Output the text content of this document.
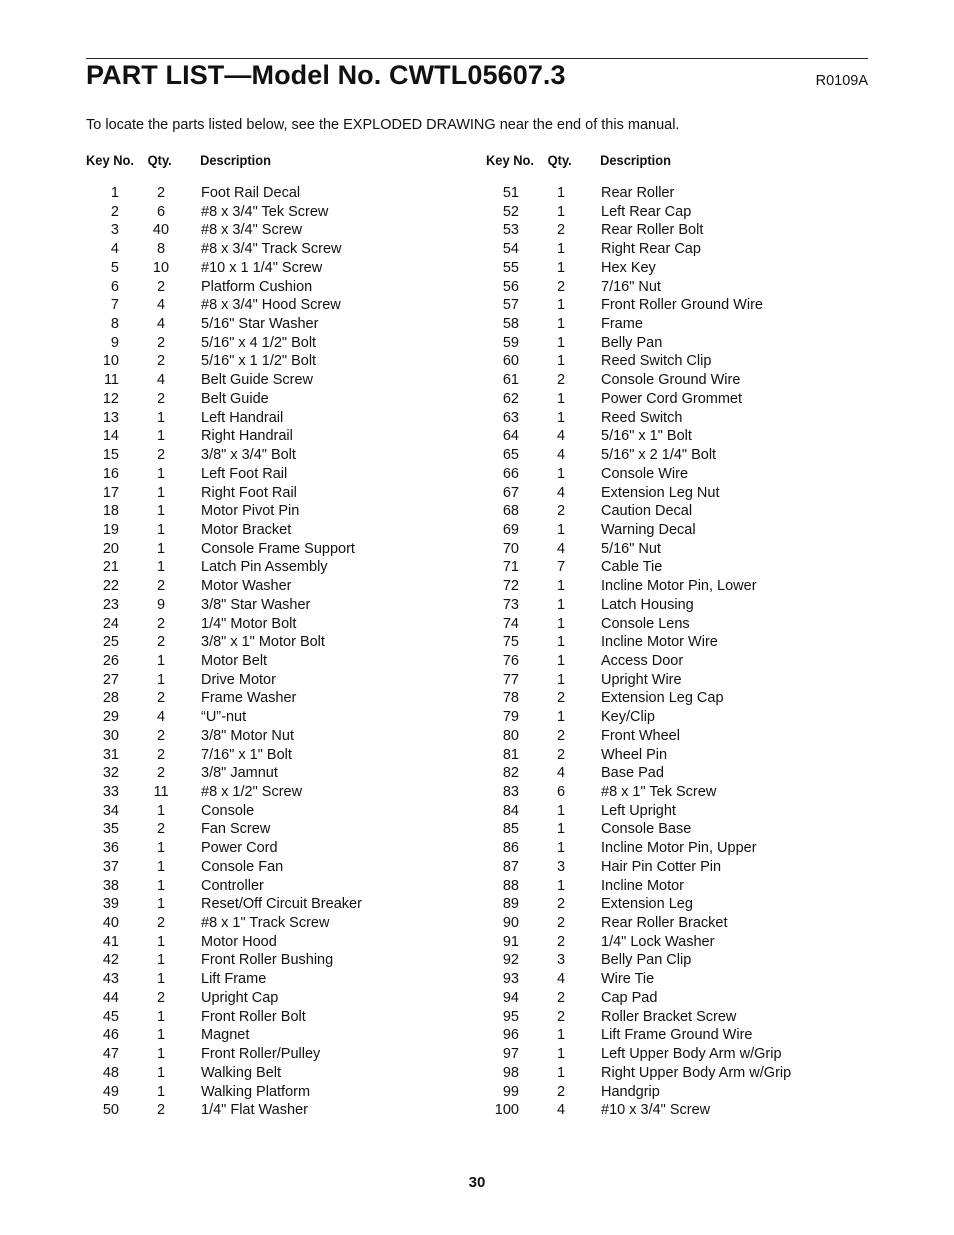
PART LIST—Model No. CWTL05607.3	R0109A
To locate the parts listed below, see the EXPLODED DRAWING near the end of this manual.
Key No. Qty. Description
1	2	Foot Rail Decal
2	6	#8 x 3/4" Tek Screw
3	40	#8 x 3/4" Screw
4	8	#8 x 3/4" Track Screw
5	10	#10 x 1 1/4" Screw
6	2	Platform Cushion
7	4	#8 x 3/4" Hood Screw
8	4	5/16" Star Washer
9	2	5/16" x 4 1/2" Bolt
10	2	5/16" x 1 1/2" Bolt
11	4	Belt Guide Screw
12	2	Belt Guide
13	1	Left Handrail
14	1	Right Handrail
15	2	3/8" x 3/4" Bolt
16	1	Left Foot Rail
17	1	Right Foot Rail
18	1	Motor Pivot Pin
19	1	Motor Bracket
20	1	Console Frame Support
21	1	Latch Pin Assembly
22	2	Motor Washer
23	9	3/8" Star Washer
24	2	1/4" Motor Bolt
25	2	3/8" x 1" Motor Bolt
26	1	Motor Belt
27	1	Drive Motor
28	2	Frame Washer
29	4	“U”-nut
30	2	3/8" Motor Nut
31	2	7/16" x 1" Bolt
32	2	3/8" Jamnut
33	11	#8 x 1/2" Screw
34	1	Console
35	2	Fan Screw
36	1	Power Cord
37	1	Console Fan
38	1	Controller
39	1	Reset/Off Circuit Breaker
40	2	#8 x 1" Track Screw
41	1	Motor Hood
42	1	Front Roller Bushing
43	1	Lift Frame
44	2	Upright Cap
45	1	Front Roller Bolt
46	1	Magnet
47	1	Front Roller/Pulley
48	1	Walking Belt
49	1	Walking Platform
50	2	1/4" Flat Washer
Key No. Qty. Description
51	1	Rear Roller
52	1	Left Rear Cap
53	2	Rear Roller Bolt
54	1	Right Rear Cap
55	1	Hex Key
56	2	7/16" Nut
57	1	Front Roller Ground Wire
58	1	Frame
59	1	Belly Pan
60	1	Reed Switch Clip
61	2	Console Ground Wire
62	1	Power Cord Grommet
63	1	Reed Switch
64	4	5/16" x 1" Bolt
65	4	5/16" x 2 1/4" Bolt
66	1	Console Wire
67	4	Extension Leg Nut
68	2	Caution Decal
69	1	Warning Decal
70	4	5/16" Nut
71	7	Cable Tie
72	1	Incline Motor Pin, Lower
73	1	Latch Housing
74	1	Console Lens
75	1	Incline Motor Wire
76	1	Access Door
77	1	Upright Wire
78	2	Extension Leg Cap
79	1	Key/Clip
80	2	Front Wheel
81	2	Wheel Pin
82	4	Base Pad
83	6	#8 x 1" Tek Screw
84	1	Left Upright
85	1	Console Base
86	1	Incline Motor Pin, Upper
87	3	Hair Pin Cotter Pin
88	1	Incline Motor
89	2	Extension Leg
90	2	Rear Roller Bracket
91	2	1/4" Lock Washer
92	3	Belly Pan Clip
93	4	Wire Tie
94	2	Cap Pad
95	2	Roller Bracket Screw
96	1	Lift Frame Ground Wire
97	1	Left Upper Body Arm w/Grip
98	1	Right Upper Body Arm w/Grip
99	2	Handgrip
100	4	#10 x 3/4" Screw
30
